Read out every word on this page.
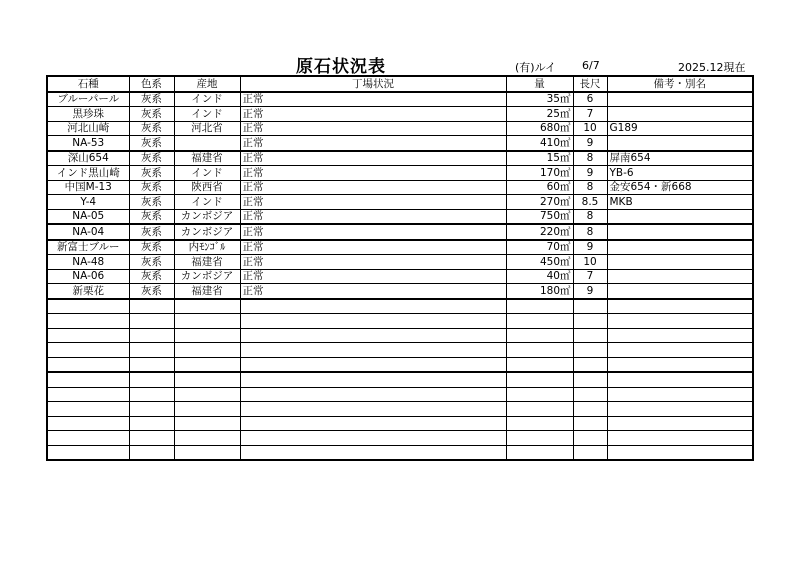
原石状況表	(有)ルイ 6/7	2025.12現在
石種	色系	産地	丁場状況	量	長尺	備考・別名
ブルーパール	灰系	インド	正常	35㎥	6	
黒珍珠	灰系	インド	正常	25㎥	7	
河北山崎	灰系	河北省	正常	680㎥	10	G189
NA-53	灰系		正常	410㎥	9	
深山654	灰系	福建省	正常	15㎥	8	屏南654
インド黒山崎	灰系	インド	正常	170㎥	9	YB-6
中国M-13	灰系	陝西省	正常	60㎥	8	金安654・新668
Y-4	灰系	インド	正常	270㎥	8.5	MKB
NA-05	灰系	カンボジア	正常	750㎥	8	
NA-04	灰系	カンボジア	正常	220㎥	8	
新富士ブルー	灰系	内ﾓﾝｺﾞﾙ	正常	70㎥	9	
NA-48	灰系	福建省	正常	450㎥	10	
NA-06	灰系	カンボジア	正常	40㎥	7	
新栗花	灰系	福建省	正常	180㎥	9	
